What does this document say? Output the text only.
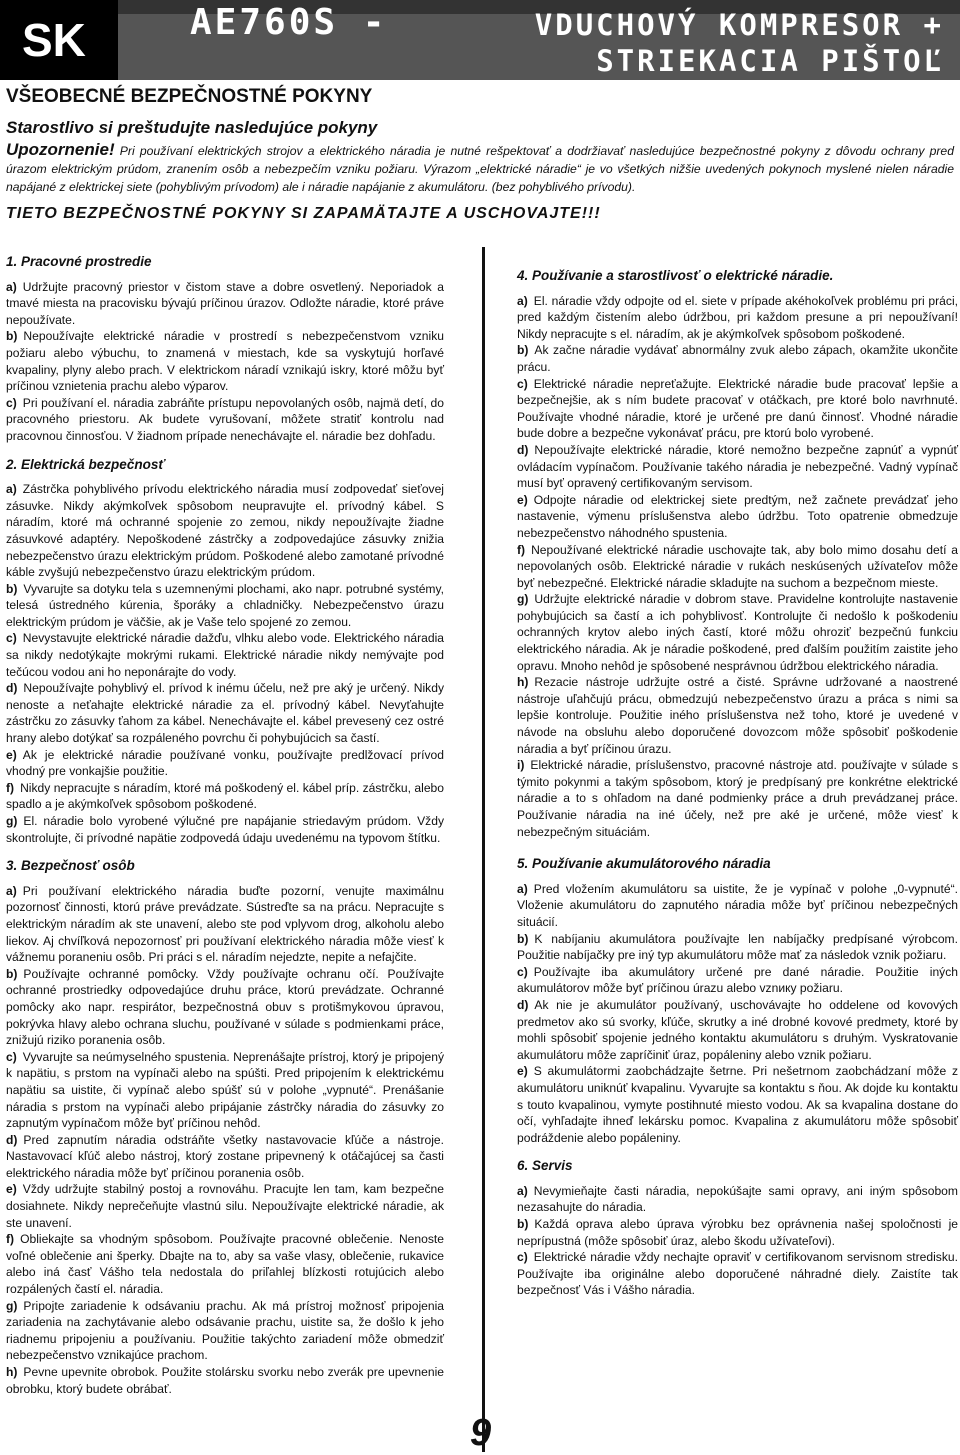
SK	AE760S -	VDUCHOVÝ KOMPRESOR +
STRIEKACIA PIŠTOĽ
VŠEOBECNÉ BEZPEČNOSTNÉ POKYNY
Starostlivo si preštudujte nasledujúce pokyny
Upozornenie! Pri používaní elektrických strojov a elektrického náradia je nutné rešpektovať a dodržiavať nasledujúce bezpečnostné pokyny z dôvodu ochrany pred úrazom elektrickým prúdom, zranením osôb a nebezpečím vzniku požiaru. Výrazom „elektrické náradie“ je vo všetkých nižšie uvedených pokynoch myslené nielen náradie napájané z elektrickej siete (pohyblivým prívodom) ale i náradie napájanie z akumulátoru. (bez pohyblivého prívodu).
TIETO BEZPEČNOSTNÉ POKYNY SI ZAPAMÄTAJTE A USCHOVAJTE!!!
1. Pracovné prostredie

a) Udržujte pracovný priestor v čistom stave a dobre osvetlený. Neporiadok a tmavé miesta na pracovisku bývajú príčinou úrazov. Odložte náradie, ktoré práve nepoužívate.

b) Nepoužívajte elektrické náradie v prostredí s nebezpečenstvom vzniku požiaru alebo výbuchu, to znamená v miestach, kde sa vyskytujú horľavé kvapaliny, plyny alebo prach. V elektrickom náradí vznikajú iskry, ktoré môžu byť príčinou vznietenia prachu alebo výparov.

c) Pri používaní el. náradia zabráňte prístupu nepovolaných osôb, najmä detí, do pracovného priestoru. Ak budete vyrušovaní, môžete stratiť kontrolu nad pracovnou činnosťou. V žiadnom prípade nenechávajte el. náradie bez dohľadu.

2. Elektrická bezpečnosť

a) Zástrčka pohyblivého prívodu elektrického náradia musí zodpovedať sieťovej zásuvke. Nikdy akýmkoľvek spôsobom neupravujte el. prívodný kábel. S náradím, ktoré má ochranné spojenie zo zemou, nikdy nepoužívajte žiadne zásuvkové adaptéry. Nepoškodené zástrčky a zodpovedajúce zásuvky znižia nebezpečenstvo úrazu elektrickým prúdom. Poškodené alebo zamotané prívodné káble zvyšujú nebezpečenstvo úrazu elektrickým prúdom.

b) Vyvarujte sa dotyku tela s uzemnenými plochami, ako napr. potrubné systémy, telesá ústredného kúrenia, šporáky a chladničky. Nebezpečenstvo úrazu elektrickým prúdom je väčšie, ak je Vaše telo spojené zo zemou.

c) Nevystavujte elektrické náradie dažďu, vlhku alebo vode. Elektrického náradia sa nikdy nedotýkajte mokrými rukami. Elektrické náradie nikdy nemývajte pod tečúcou vodou ani ho neponárajte do vody.

d) Nepoužívajte pohyblivý el. prívod k inému účelu, než pre aký je určený. Nikdy nenoste a neťahajte elektrické náradie za el. prívodný kábel. Nevyťahujte zástrčku zo zásuvky ťahom za kábel. Nenechávajte el. kábel prevesený cez ostré hrany alebo dotýkať sa rozpáleného povrchu či pohybujúcich sa častí.

e) Ak je elektrické náradie používané vonku, používajte predlžovací prívod vhodný pre vonkajšie použitie.

f) Nikdy nepracujte s náradím, ktoré má poškodený el. kábel príp. zástrčku, alebo spadlo a je akýmkoľvek spôsobom poškodené.

g) El. náradie bolo vyrobené výlučné pre napájanie striedavým prúdom. Vždy skontrolujte, či prívodné napätie zodpovedá údaju uvedenému na typovom štítku.

3. Bezpečnosť osôb

a) Pri používaní elektrického náradia buďte pozorní, venujte maximálnu pozornosť činnosti, ktorú práve prevádzate. Sústreďte sa na prácu. Nepracujte s elektrickým náradím ak ste unavení, alebo ste pod vplyvom drog, alkoholu alebo liekov. Aj chvíľková nepozornosť pri používaní elektrického náradia môže viesť k vážnemu poraneniu osôb. Pri práci s el. náradím nejedzte, nepite a nefajčite.

b) Používajte ochranné pomôcky. Vždy používajte ochranu očí. Používajte ochranné prostriedky odpovedajúce druhu práce, ktorú prevádzate. Ochranné pomôcky ako napr. respirátor, bezpečnostná obuv s protišmykovou úpravou, pokrývka hlavy alebo ochrana sluchu, používané v súlade s podmienkami práce, znižujú riziko poranenia osôb.

c) Vyvarujte sa neúmyselného spustenia. Neprenášajte prístroj, ktorý je pripojený k napätiu, s prstom na vypínači alebo na spúšti. Pred pripojením k elektrickému napätiu sa uistite, či vypínač alebo spúšť sú v polohe „vypnuté“. Prenášanie náradia s prstom na vypínači alebo pripájanie zástrčky náradia do zásuvky zo zapnutým vypínačom môže byť príčinou nehôd.

d) Pred zapnutím náradia odstráňte všetky nastavovacie kľúče a nástroje. Nastavovací kľúč alebo nástroj, ktorý zostane pripevnený k otáčajúcej sa časti elektrického náradia môže byť príčinou poranenia osôb.

e) Vždy udržujte stabilný postoj a rovnováhu. Pracujte len tam, kam bezpečne dosiahnete. Nikdy neprečeňujte vlastnú silu. Nepoužívajte elektrické náradie, ak ste unavení.

f) Obliekajte sa vhodným spôsobom. Používajte pracovné oblečenie. Nenoste voľné oblečenie ani šperky. Dbajte na to, aby sa vaše vlasy, oblečenie, rukavice alebo iná časť Vášho tela nedostala do priľahlej blízkosti rotujúcich alebo rozpálených častí el. náradia.

g) Pripojte zariadenie k odsávaniu prachu. Ak má prístroj možnosť pripojenia zariadenia na zachytávanie alebo odsávanie prachu, uistite sa, že došlo k jeho riadnemu pripojeniu a používaniu. Použitie takýchto zariadení môže obmedziť nebezpečenstvo vznikajúce prachom.

h) Pevne upevnite obrobok. Použite stolársku svorku nebo zverák pre upevnenie obrobku, ktorý budete obrábať.

4. Používanie a starostlivosť o elektrické náradie.

a) El. náradie vždy odpojte od el. siete v prípade akéhokoľvek problému pri práci, pred každým čistením alebo údržbou, pri každom presune a pri nepoužívaní! Nikdy nepracujte s el. náradím, ak je akýmkoľvek spôsobom poškodené.

b) Ak začne náradie vydávať abnormálny zvuk alebo zápach, okamžite ukončite prácu.

c) Elektrické náradie nepreťažujte. Elektrické náradie bude pracovať lepšie a bezpečnejšie, ak s ním budete pracovať v otáčkach, pre ktoré bolo navrhnuté. Používajte vhodné náradie, ktoré je určené pre danú činnosť. Vhodné náradie bude dobre a bezpečne vykonávať prácu, pre ktorú bolo vyrobené.

d) Nepoužívajte elektrické náradie, ktoré nemožno bezpečne zapnúť a vypnúť ovládacím vypínačom. Používanie takého náradia je nebezpečné. Vadný vypínač musí byť opravený certifikovaným servisom.

e) Odpojte náradie od elektrickej siete predtým, než začnete prevádzať jeho nastavenie, výmenu príslušenstva alebo údržbu. Toto opatrenie obmedzuje nebezpečenstvo náhodného spustenia.

f) Nepoužívané elektrické náradie uschovajte tak, aby bolo mimo dosahu detí a nepovolaných osôb. Elektrické náradie v rukách neskúsených užívateľov môže byť nebezpečné. Elektrické náradie skladujte na suchom a bezpečnom mieste.

g) Udržujte elektrické náradie v dobrom stave. Pravidelne kontrolujte nastavenie pohybujúcich sa častí a ich pohyblivosť. Kontrolujte či nedošlo k poškodeniu ochranných krytov alebo iných častí, ktoré môžu ohroziť bezpečnú funkciu elektrického náradia. Ak je náradie poškodené, pred ďalším použitím zaistite jeho opravu. Mnoho nehôd je spôsobené nesprávnou údržbou elektrického náradia.

h) Rezacie nástroje udržujte ostré a čisté. Správne udržované a naostrené nástroje uľahčujú prácu, obmedzujú nebezpečenstvo úrazu a práca s nimi sa lepšie kontroluje. Použitie iného príslušenstva než toho, ktoré je uvedené v návode na obsluhu alebo doporučené dovozcom môže spôsobiť poškodenie náradia a byť príčinou úrazu.

i) Elektrické náradie, príslušenstvo, pracovné nástroje atd. používajte v súlade s týmito pokynmi a takým spôsobom, ktorý je predpísaný pre konkrétne elektrické náradie a to s ohľadom na dané podmienky práce a druh prevádzanej práce. Používanie náradia na iné účely, než pre aké je určené, môže viesť k nebezpečným situáciám.

5. Používanie akumulátorového náradia

a) Pred vložením akumulátoru sa uistite, že je vypínač v polohe „0-vypnuté“. Vloženie akumulátoru do zapnutého náradia môže byť príčinou nebezpečných situácií.

b) K nabíjaniu akumulátora používajte len nabíjačky predpísané výrobcom. Použitie nabíjačky pre iný typ akumulátoru môže mať za následok vznik požiaru.

c) Používajte iba akumulátory určené pre dané náradie. Použitie iných akumulátorov môže byť príčinou úrazu alebo vznику požiaru.

d) Ak nie je akumulátor používaný, uschovávajte ho oddelene od kovových predmetov ako sú svorky, kľúče, skrutky a iné drobné kovové predmety, ktoré by mohli spôsobiť spojenie jedného kontaktu akumulátoru s druhým. Vyskratovanie akumulátoru môže zapríčiniť úraz, popáleniny alebo vznik požiaru.

e) S akumulátormi zaobchádzajte šetrne. Pri nešetrnom zaobchádzaní môže z akumulátoru uniknúť kvapalinu. Vyvarujte sa kontaktu s ňou. Ak dojde ku kontaktu s touto kvapalinou, vymyte postihnuté miesto vodou. Ak sa kvapalina dostane do očí, vyhľadajte ihneď lekársku pomoc. Kvapalina z akumulátoru môže spôsobiť podráždenie alebo popáleniny.

6. Servis

a) Nevymieňajte časti náradia, nepokúšajte sami opravy, ani iným spôsobom nezasahujte do náradia.

b) Každá oprava alebo úprava výrobku bez oprávnenia našej spoločnosti je neprípustná (môže spôsobiť úraz, alebo škodu užívateľovi).

c) Elektrické náradie vždy nechajte opraviť v certifikovanom servisnom stredisku. Používajte iba originálne alebo doporučené náhradné diely. Zaistíte tak bezpečnosť Vás i Vášho náradia.

9
